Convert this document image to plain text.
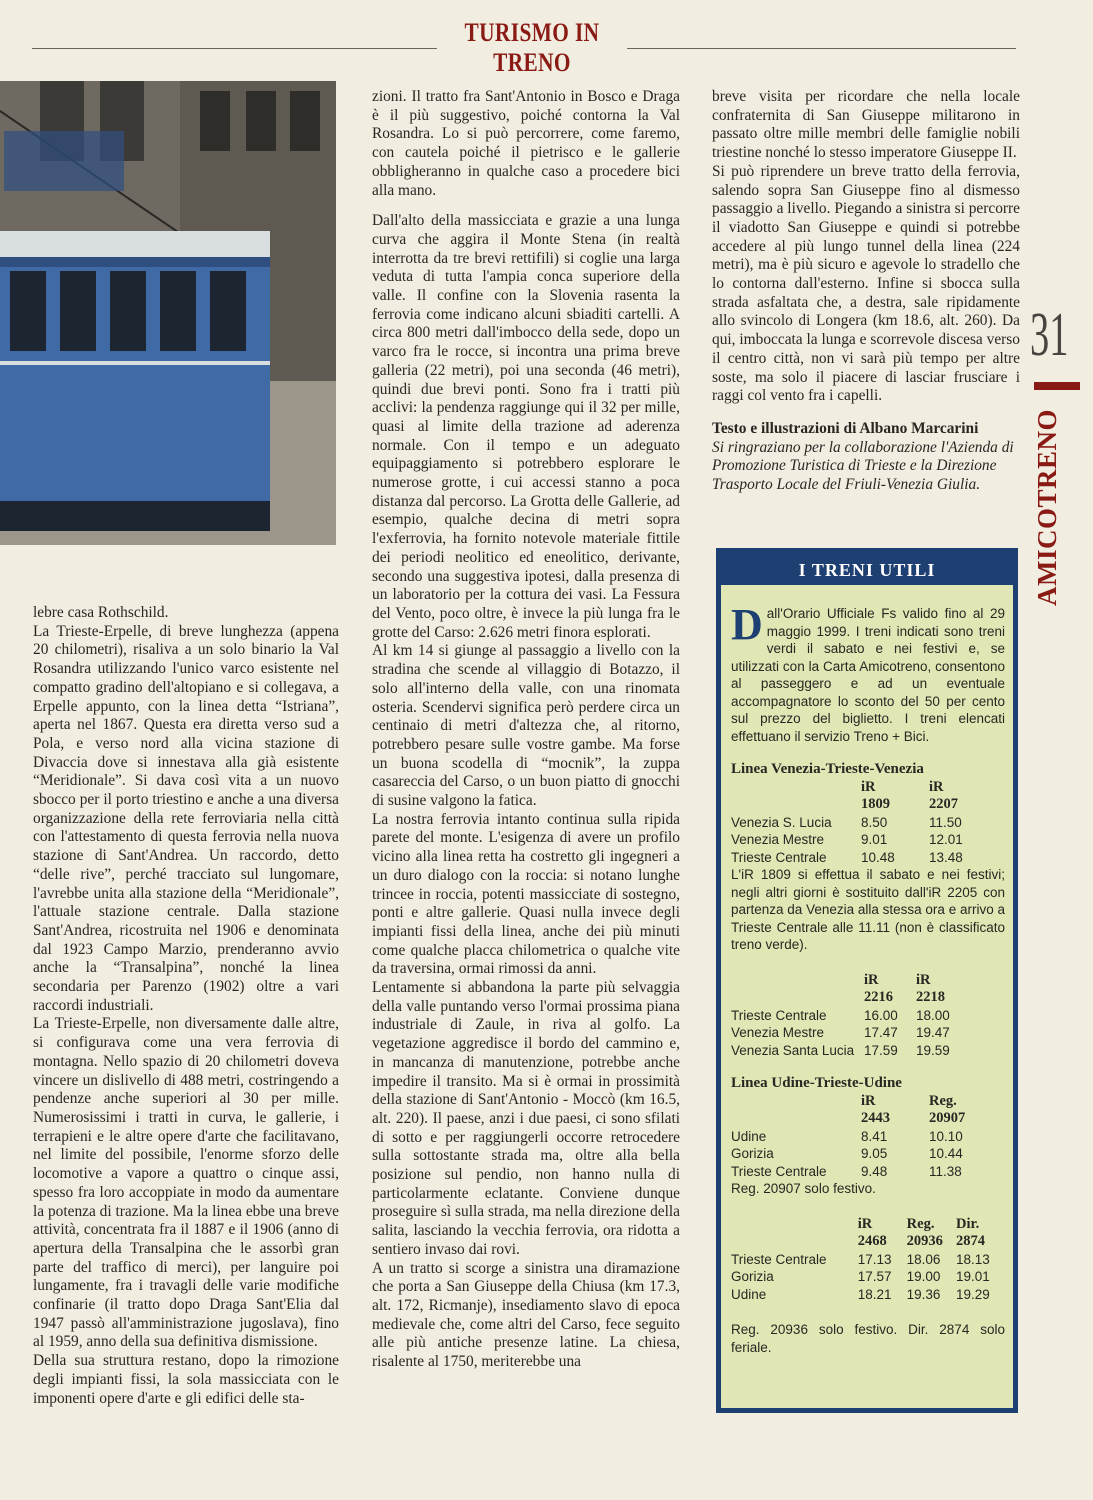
TURISMO IN TRENO

lebre casa Rothschild.

La Trieste-Erpelle, di breve lunghezza (appena 20 chilometri), risaliva a un solo binario la Val Rosandra utilizzando l'unico varco esistente nel compatto gradino dell'altopiano e si collegava, a Erpelle appunto, con la linea detta “Istriana”, aperta nel 1867. Questa era diretta verso sud a Pola, e verso nord alla vicina stazione di Divaccia dove si innestava alla già esistente “Meridionale”. Si dava così vita a un nuovo sbocco per il porto triestino e anche a una diversa organizzazione della rete ferroviaria nella città con l'attestamento di questa ferrovia nella nuova stazione di Sant'Andrea. Un raccordo, detto “delle rive”, perché tracciato sul lungomare, l'avrebbe unita alla stazione della “Meridionale”, l'attuale stazione centrale. Dalla stazione Sant'Andrea, ricostruita nel 1906 e denominata dal 1923 Campo Marzio, prenderanno avvio anche la “Transalpina”, nonché la linea secondaria per Parenzo (1902) oltre a vari raccordi industriali.

La Trieste-Erpelle, non diversamente dalle altre, si configurava come una vera ferrovia di montagna. Nello spazio di 20 chilometri doveva vincere un dislivello di 488 metri, costringendo a pendenze anche superiori al 30 per mille. Numerosissimi i tratti in curva, le gallerie, i terrapieni e le altre opere d'arte che facilitavano, nel limite del possibile, l'enorme sforzo delle locomotive a vapore a quattro o cinque assi, spesso fra loro accoppiate in modo da aumentare la potenza di trazione. Ma la linea ebbe una breve attività, concentrata fra il 1887 e il 1906 (anno di apertura della Transalpina che le assorbì gran parte del traffico di merci), per languire poi lungamente, fra i travagli delle varie modifiche confinarie (il tratto dopo Draga Sant'Elia dal 1947 passò all'amministrazione jugoslava), fino al 1959, anno della sua definitiva dismissione.

Della sua struttura restano, dopo la rimozione degli impianti fissi, la sola massicciata con le imponenti opere d'arte e gli edifici delle sta-

zioni. Il tratto fra Sant'Antonio in Bosco e Draga è il più suggestivo, poiché contorna la Val Rosandra. Lo si può percorrere, come faremo, con cautela poiché il pietrisco e le gallerie obbligheranno in qualche caso a procedere bici alla mano.

Dall'alto della massicciata e grazie a una lunga curva che aggira il Monte Stena (in realtà interrotta da tre brevi rettifili) si coglie una larga veduta di tutta l'ampia conca superiore della valle. Il confine con la Slovenia rasenta la ferrovia come indicano alcuni sbiaditi cartelli. A circa 800 metri dall'imbocco della sede, dopo un varco fra le rocce, si incontra una prima breve galleria (22 metri), poi una seconda (46 metri), quindi due brevi ponti. Sono fra i tratti più acclivi: la pendenza raggiunge qui il 32 per mille, quasi al limite della trazione ad aderenza normale. Con il tempo e un adeguato equipaggiamento si potrebbero esplorare le numerose grotte, i cui accessi stanno a poca distanza dal percorso. La Grotta delle Gallerie, ad esempio, qualche decina di metri sopra l'exferrovia, ha fornito notevole materiale fittile dei periodi neolitico ed eneolitico, derivante, secondo una suggestiva ipotesi, dalla presenza di un laboratorio per la cottura dei vasi. La Fessura del Vento, poco oltre, è invece la più lunga fra le grotte del Carso: 2.626 metri finora esplorati.

Al km 14 si giunge al passaggio a livello con la stradina che scende al villaggio di Botazzo, il solo all'interno della valle, con una rinomata osteria. Scendervi significa però perdere circa un centinaio di metri d'altezza che, al ritorno, potrebbero pesare sulle vostre gambe. Ma forse un buona scodella di “mocnik”, la zuppa casareccia del Carso, o un buon piatto di gnocchi di susine valgono la fatica.

La nostra ferrovia intanto continua sulla ripida parete del monte. L'esigenza di avere un profilo vicino alla linea retta ha costretto gli ingegneri a un duro dialogo con la roccia: si notano lunghe trincee in roccia, potenti massicciate di sostegno, ponti e altre gallerie. Quasi nulla invece degli impianti fissi della linea, anche dei più minuti come qualche placca chilometrica o qualche vite da traversina, ormai rimossi da anni.

Lentamente si abbandona la parte più selvaggia della valle puntando verso l'ormai prossima piana industriale di Zaule, in riva al golfo. La vegetazione aggredisce il bordo del cammino e, in mancanza di manutenzione, potrebbe anche impedire il transito. Ma si è ormai in prossimità della stazione di Sant'Antonio - Moccò (km 16.5, alt. 220). Il paese, anzi i due paesi, ci sono sfilati di sotto e per raggiungerli occorre retrocedere sulla sottostante strada ma, oltre alla bella posizione sul pendio, non hanno nulla di particolarmente eclatante. Conviene dunque proseguire sì sulla strada, ma nella direzione della salita, lasciando la vecchia ferrovia, ora ridotta a sentiero invaso dai rovi.

A un tratto si scorge a sinistra una diramazione che porta a San Giuseppe della Chiusa (km 17.3, alt. 172, Ricmanje), insediamento slavo di epoca medievale che, come altri del Carso, fece seguito alle più antiche presenze latine. La chiesa, risalente al 1750, meriterebbe una

breve visita per ricordare che nella locale confraternita di San Giuseppe militarono in passato oltre mille membri delle famiglie nobili triestine nonché lo stesso imperatore Giuseppe II.

Si può riprendere un breve tratto della ferrovia, salendo sopra San Giuseppe fino al dismesso passaggio a livello. Piegando a sinistra si percorre il viadotto San Giuseppe e quindi si potrebbe accedere al più lungo tunnel della linea (224 metri), ma è più sicuro e agevole lo stradello che lo contorna dall'esterno. Infine si sbocca sulla strada asfaltata che, a destra, sale ripidamente allo svincolo di Longera (km 18.6, alt. 260). Da qui, imboccata la lunga e scorrevole discesa verso il centro città, non vi sarà più tempo per altre soste, ma solo il piacere di lasciar frusciare i raggi col vento fra i capelli.

Testo e illustrazioni di Albano Marcarini
Si ringraziano per la collaborazione l'Azienda di Promozione Turistica di Trieste e la Direzione Trasporto Locale del Friuli-Venezia Giulia.
31
AMICOTRENO
I TRENI UTILI
D all'Orario Ufficiale Fs valido fino al 29 maggio 1999. I treni indicati sono treni verdi il sabato e nei festivi e, se utilizzati con la Carta Amicotreno, consentono al passeggero e ad un eventuale accompagnatore lo sconto del 50 per cento sul prezzo del biglietto. I treni elencati effettuano il servizio Treno + Bici.
Linea Venezia-Trieste-Venezia
	iR	iR
	1809	2207
Venezia S. Lucia	8.50	11.50
Venezia Mestre	9.01	12.01
Trieste Centrale	10.48	13.48
L'iR 1809 si effettua il sabato e nei festivi; negli altri giorni è sostituito dall'iR 2205 con partenza da Venezia alla stessa ora e arrivo a Trieste Centrale alle 11.11 (non è classificato treno verde).
	iR	iR
	2216	2218
Trieste Centrale	16.00	18.00
Venezia Mestre	17.47	19.47
Venezia Santa Lucia	17.59	19.59
Linea Udine-Trieste-Udine
	iR	Reg.
	2443	20907
Udine	8.41	10.10
Gorizia	9.05	10.44
Trieste Centrale	9.48	11.38
Reg. 20907 solo festivo.
	iR	Reg.	Dir.
	2468	20936	2874
Trieste Centrale	17.13	18.06	18.13
Gorizia	17.57	19.00	19.01
Udine	18.21	19.36	19.29
Reg. 20936 solo festivo. Dir. 2874 solo feriale.
